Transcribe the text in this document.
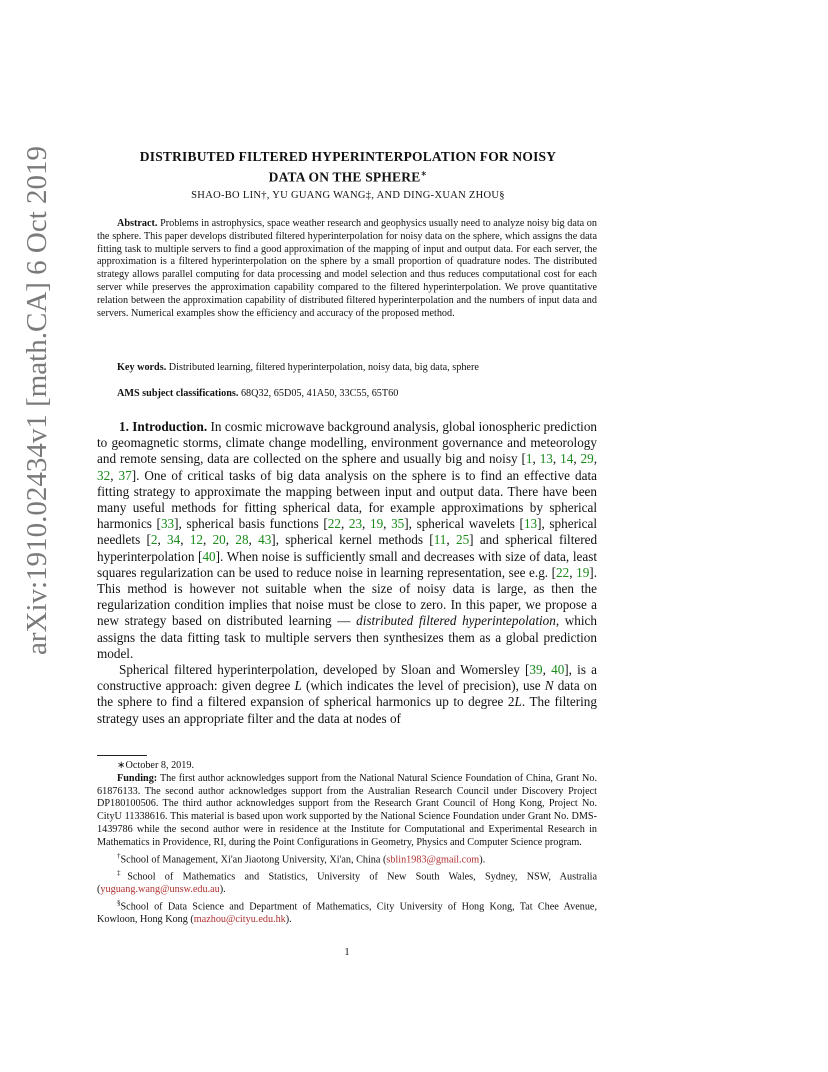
arXiv:1910.02434v1 [math.CA] 6 Oct 2019	DISTRIBUTED FILTERED HYPERINTERPOLATION FOR NOISY
DATA ON THE SPHERE∗
SHAO-BO LIN†, YU GUANG WANG‡, AND DING-XUAN ZHOU§
Abstract. Problems in astrophysics, space weather research and geophysics usually need to analyze noisy big data on the sphere. This paper develops distributed filtered hyperinterpolation for noisy data on the sphere, which assigns the data fitting task to multiple servers to find a good approximation of the mapping of input and output data. For each server, the approximation is a filtered hyperinterpolation on the sphere by a small proportion of quadrature nodes. The distributed strategy allows parallel computing for data processing and model selection and thus reduces computational cost for each server while preserves the approximation capability compared to the filtered hyperinterpolation. We prove quantitative relation between the approximation capability of distributed filtered hyperinterpolation and the numbers of input data and servers. Numerical examples show the efficiency and accuracy of the proposed method.
Key words. Distributed learning, filtered hyperinterpolation, noisy data, big data, sphere
AMS subject classifications. 68Q32, 65D05, 41A50, 33C55, 65T60

1. Introduction. In cosmic microwave background analysis, global ionospheric prediction to geomagnetic storms, climate change modelling, environment governance and meteorology and remote sensing, data are collected on the sphere and usually big and noisy [1, 13, 14, 29, 32, 37]. One of critical tasks of big data analysis on the sphere is to find an effective data fitting strategy to approximate the mapping between input and output data. There have been many useful methods for fitting spherical data, for example approximations by spherical harmonics [33], spherical basis functions [22, 23, 19, 35], spherical wavelets [13], spherical needlets [2, 34, 12, 20, 28, 43], spherical kernel methods [11, 25] and spherical filtered hyperinterpolation [40]. When noise is sufficiently small and decreases with size of data, least squares regularization can be used to reduce noise in learning representation, see e.g. [22, 19]. This method is however not suitable when the size of noisy data is large, as then the regularization condition implies that noise must be close to zero. In this paper, we propose a new strategy based on distributed learning — distributed filtered hyperintepolation, which assigns the data fitting task to multiple servers then synthesizes them as a global prediction model.

Spherical filtered hyperinterpolation, developed by Sloan and Womersley [39, 40], is a constructive approach: given degree L (which indicates the level of precision), use N data on the sphere to find a filtered expansion of spherical harmonics up to degree 2L. The filtering strategy uses an appropriate filter and the data at nodes of

∗October 8, 2019.

Funding: The first author acknowledges support from the National Natural Science Foundation of China, Grant No. 61876133. The second author acknowledges support from the Australian Research Council under Discovery Project DP180100506. The third author acknowledges support from the Research Grant Council of Hong Kong, Project No. CityU 11338616. This material is based upon work supported by the National Science Foundation under Grant No. DMS-1439786 while the second author were in residence at the Institute for Computational and Experimental Research in Mathematics in Providence, RI, during the Point Configurations in Geometry, Physics and Computer Science program.

†School of Management, Xi'an Jiaotong University, Xi'an, China (sblin1983@gmail.com).

‡School of Mathematics and Statistics, University of New South Wales, Sydney, NSW, Australia (yuguang.wang@unsw.edu.au).

§School of Data Science and Department of Mathematics, City University of Hong Kong, Tat Chee Avenue, Kowloon, Hong Kong (mazhou@cityu.edu.hk).

1
